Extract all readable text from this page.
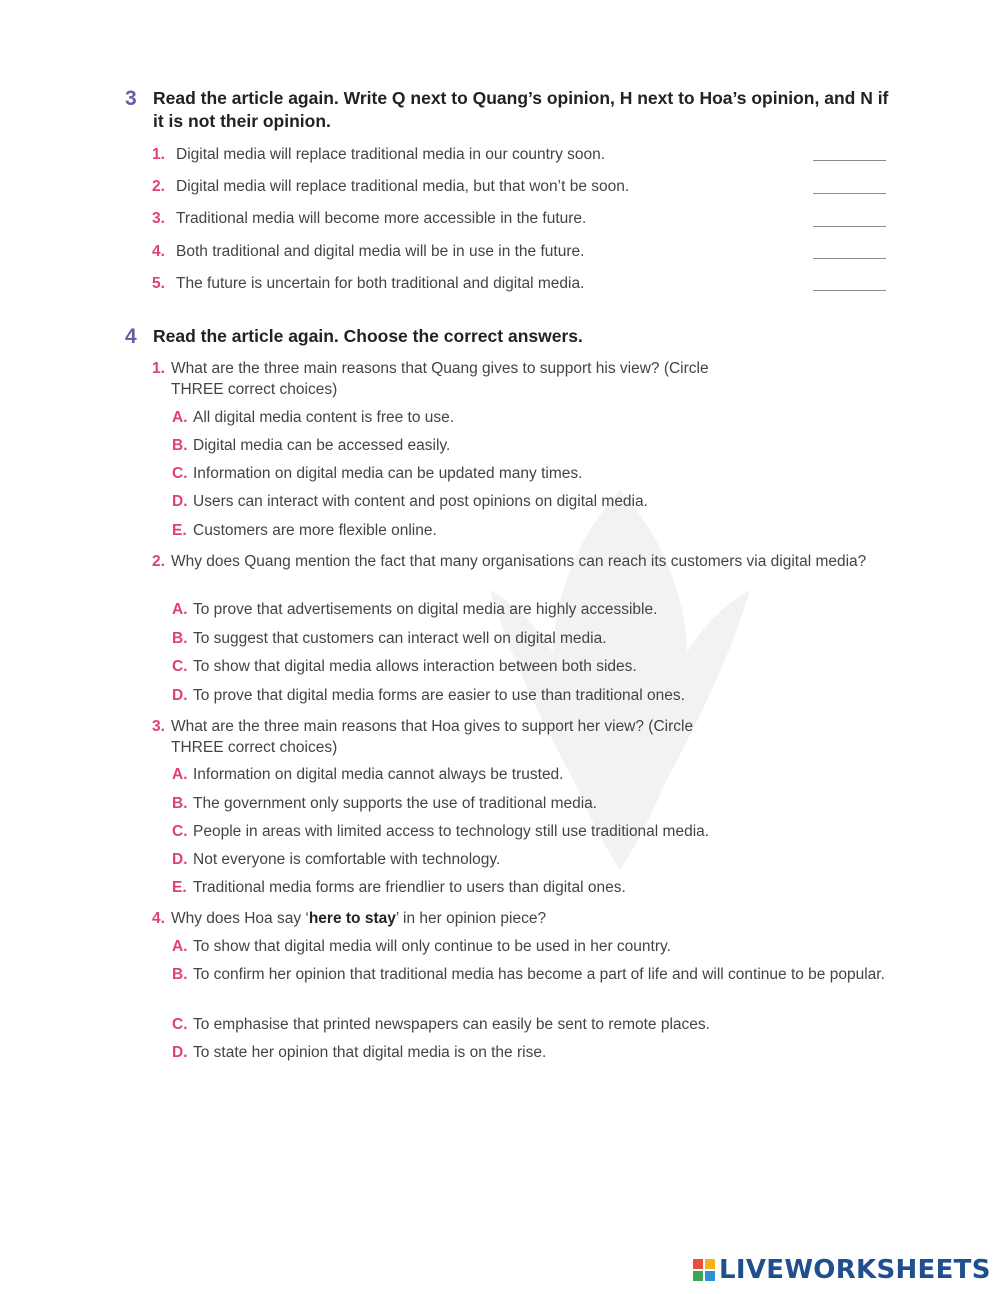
3 Read the article again. Write Q next to Quang’s opinion, H next to Hoa’s opinion, and N if it is not their opinion.
1. Digital media will replace traditional media in our country soon.
2. Digital media will replace traditional media, but that won’t be soon.
3. Traditional media will become more accessible in the future.
4. Both traditional and digital media will be in use in the future.
5. The future is uncertain for both traditional and digital media.
4 Read the article again. Choose the correct answers.
1. What are the three main reasons that Quang gives to support his view? (Circle THREE correct choices)
A. All digital media content is free to use.
B. Digital media can be accessed easily.
C. Information on digital media can be updated many times.
D. Users can interact with content and post opinions on digital media.
E. Customers are more flexible online.
2. Why does Quang mention the fact that many organisations can reach its customers via digital media?
A. To prove that advertisements on digital media are highly accessible.
B. To suggest that customers can interact well on digital media.
C. To show that digital media allows interaction between both sides.
D. To prove that digital media forms are easier to use than traditional ones.
3. What are the three main reasons that Hoa gives to support her view? (Circle THREE correct choices)
A. Information on digital media cannot always be trusted.
B. The government only supports the use of traditional media.
C. People in areas with limited access to technology still use traditional media.
D. Not everyone is comfortable with technology.
E. Traditional media forms are friendlier to users than digital ones.
4. Why does Hoa say ‘here to stay’ in her opinion piece?
A. To show that digital media will only continue to be used in her country.
B. To confirm her opinion that traditional media has become a part of life and will continue to be popular.
C. To emphasise that printed newspapers can easily be sent to remote places.
D. To state her opinion that digital media is on the rise.
LIVEWORKSHEETS
